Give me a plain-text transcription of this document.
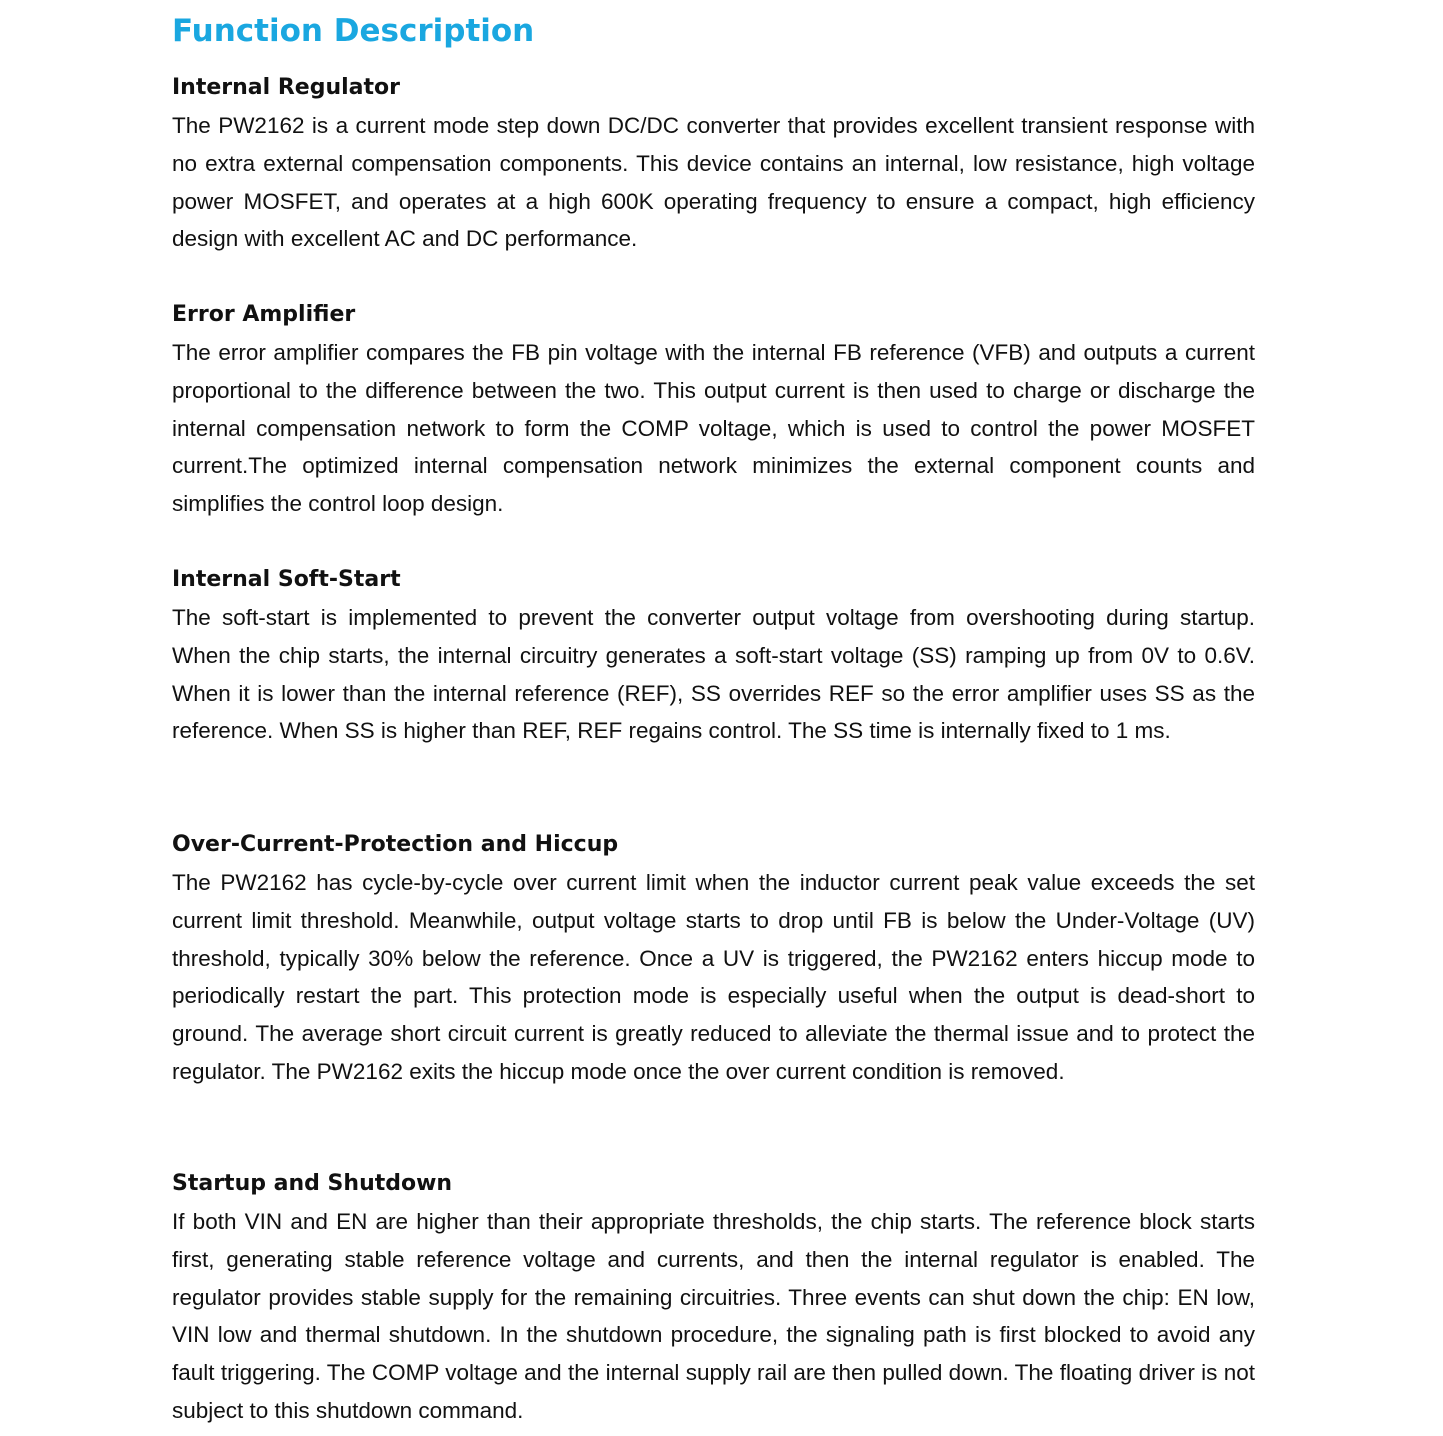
Function Description
Internal Regulator

The PW2162 is a current mode step down DC/DC converter that provides excellent transient response with no extra external compensation components. This device contains an internal, low resistance, high voltage power MOSFET, and operates at a high 600K operating frequency to ensure a compact, high efficiency design with excellent AC and DC performance.

Error Amplifier

The error amplifier compares the FB pin voltage with the internal FB reference (VFB) and outputs a current proportional to the difference between the two. This output current is then used to charge or discharge the internal compensation network to form the COMP voltage, which is used to control the power MOSFET current.The optimized internal compensation network minimizes the external component counts and simplifies the control loop design.

Internal Soft-Start

The soft-start is implemented to prevent the converter output voltage from overshooting during startup. When the chip starts, the internal circuitry generates a soft-start voltage (SS) ramping up from 0V to 0.6V. When it is lower than the internal reference (REF), SS overrides REF so the error amplifier uses SS as the reference. When SS is higher than REF, REF regains control. The SS time is internally fixed to 1 ms.

Over-Current-Protection and Hiccup

The PW2162 has cycle-by-cycle over current limit when the inductor current peak value exceeds the set current limit threshold. Meanwhile, output voltage starts to drop until FB is below the Under-Voltage (UV) threshold, typically 30% below the reference. Once a UV is triggered, the PW2162 enters hiccup mode to periodically restart the part. This protection mode is especially useful when the output is dead-short to ground. The average short circuit current is greatly reduced to alleviate the thermal issue and to protect the regulator. The PW2162 exits the hiccup mode once the over current condition is removed.

Startup and Shutdown

If both VIN and EN are higher than their appropriate thresholds, the chip starts. The reference block starts first, generating stable reference voltage and currents, and then the internal regulator is enabled. The regulator provides stable supply for the remaining circuitries. Three events can shut down the chip: EN low, VIN low and thermal shutdown. In the shutdown procedure, the signaling path is first blocked to avoid any fault triggering. The COMP voltage and the internal supply rail are then pulled down. The floating driver is not subject to this shutdown command.
